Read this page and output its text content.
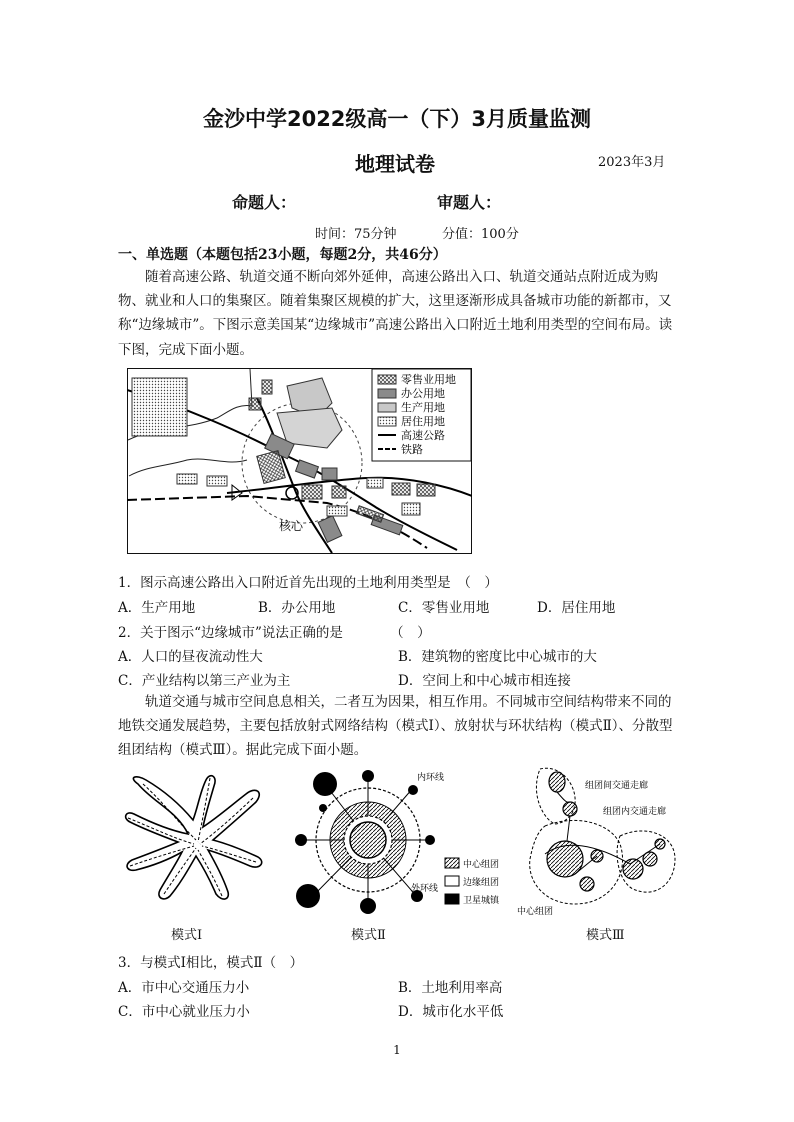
金沙中学2022级高一（下）3月质量监测
地理试卷	2023年3月
命题人：	审题人：
时间：75分钟	分值：100分
一、单选题（本题包括23小题，每题2分，共46分）
随着高速公路、轨道交通不断向郊外延伸，高速公路出入口、轨道交通站点附近成为购物、就业和人口的集聚区。随着集聚区规模的扩大，这里逐渐形成具备城市功能的新都市，又称“边缘城市”。下图示意美国某“边缘城市”高速公路出入口附近土地利用类型的空间布局。读下图，完成下面小题。
核心
零售业用地
办公用地
生产用地
居住用地
高速公路
铁路
1．图示高速公路出入口附近首先出现的土地利用类型是　（　）
A．生产用地	B．办公用地	C．零售业用地	D．居住用地
2．关于图示“边缘城市”说法正确的是　　　　（　）
A．人口的昼夜流动性大	B．建筑物的密度比中心城市的大
C．产业结构以第三产业为主	D．空间上和中心城市相连接
轨道交通与城市空间息息相关，二者互为因果，相互作用。不同城市空间结构带来不同的地铁交通发展趋势，主要包括放射式网络结构（模式Ⅰ）、放射状与环状结构（模式Ⅱ）、分散型组团结构（模式Ⅲ）。据此完成下面小题。
模式Ⅰ
内环线
外环线
中心组团
边缘组团
卫星城镇
模式Ⅱ
组团间交通走廊
组团内交通走廊
中心组团
模式Ⅲ
3．与模式Ⅰ相比，模式Ⅱ（　）
A．市中心交通压力小	B．土地利用率高
C．市中心就业压力小	D．城市化水平低
1
